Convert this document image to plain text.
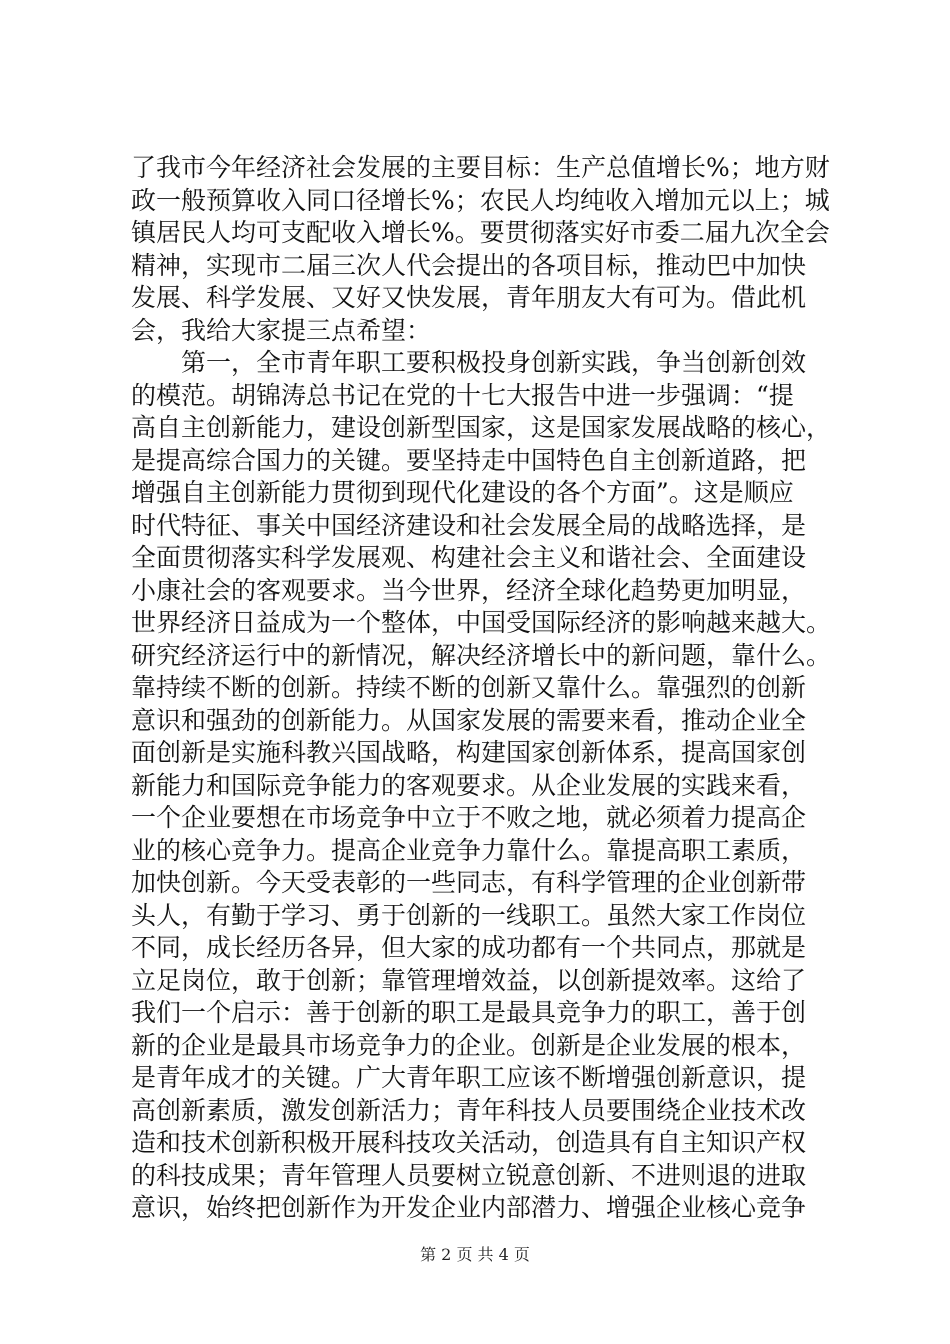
了我市今年经济社会发展的主要目标：生产总值增长%；地方财
政一般预算收入同口径增长%；农民人均纯收入增加元以上；城
镇居民人均可支配收入增长%。要贯彻落实好市委二届九次全会
精神，实现市二届三次人代会提出的各项目标，推动巴中加快
发展、科学发展、又好又快发展，青年朋友大有可为。借此机
会，我给大家提三点希望：
　　第一，全市青年职工要积极投身创新实践，争当创新创效
的模范。胡锦涛总书记在党的十七大报告中进一步强调：“提
高自主创新能力，建设创新型国家，这是国家发展战略的核心，
是提高综合国力的关键。要坚持走中国特色自主创新道路，把
增强自主创新能力贯彻到现代化建设的各个方面”。这是顺应
时代特征、事关中国经济建设和社会发展全局的战略选择，是
全面贯彻落实科学发展观、构建社会主义和谐社会、全面建设
小康社会的客观要求。当今世界，经济全球化趋势更加明显，
世界经济日益成为一个整体，中国受国际经济的影响越来越大。
研究经济运行中的新情况，解决经济增长中的新问题，靠什么。
靠持续不断的创新。持续不断的创新又靠什么。靠强烈的创新
意识和强劲的创新能力。从国家发展的需要来看，推动企业全
面创新是实施科教兴国战略，构建国家创新体系，提高国家创
新能力和国际竞争能力的客观要求。从企业发展的实践来看，
一个企业要想在市场竞争中立于不败之地，就必须着力提高企
业的核心竞争力。提高企业竞争力靠什么。靠提高职工素质，
加快创新。今天受表彰的一些同志，有科学管理的企业创新带
头人，有勤于学习、勇于创新的一线职工。虽然大家工作岗位
不同，成长经历各异，但大家的成功都有一个共同点，那就是
立足岗位，敢于创新；靠管理增效益，以创新提效率。这给了
我们一个启示：善于创新的职工是最具竞争力的职工，善于创
新的企业是最具市场竞争力的企业。创新是企业发展的根本，
是青年成才的关键。广大青年职工应该不断增强创新意识，提
高创新素质，激发创新活力；青年科技人员要围绕企业技术改
造和技术创新积极开展科技攻关活动，创造具有自主知识产权
的科技成果；青年管理人员要树立锐意创新、不进则退的进取
意识，始终把创新作为开发企业内部潜力、增强企业核心竞争
第 2 页 共 4 页
